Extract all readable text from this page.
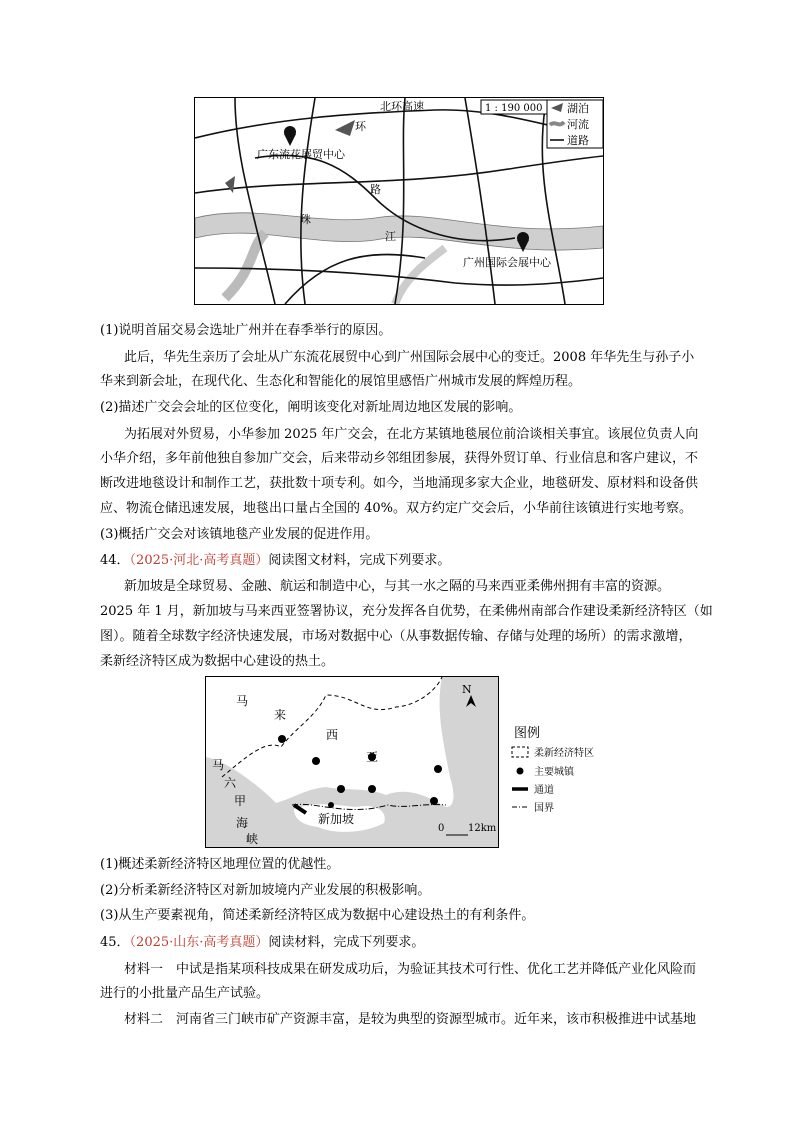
北环高速
广东流花展贸中心
环
路
珠
江
广州国际会展中心
1 : 190 000 湖泊
河流
道路
(1)说明首届交易会选址广州并在春季举行的原因。
此后，华先生亲历了会址从广东流花展贸中心到广州国际会展中心的变迁。2008 年华先生与孙子小
华来到新会址，在现代化、生态化和智能化的展馆里感悟广州城市发展的辉煌历程。
(2)描述广交会会址的区位变化，阐明该变化对新址周边地区发展的影响。
为拓展对外贸易，小华参加 2025 年广交会，在北方某镇地毯展位前洽谈相关事宜。该展位负责人向
小华介绍，多年前他独自参加广交会，后来带动乡邻组团参展，获得外贸订单、行业信息和客户建议，不
断改进地毯设计和制作工艺，获批数十项专利。如今，当地涌现多家大企业，地毯研发、原材料和设备供
应、物流仓储迅速发展，地毯出口量占全国的 40%。双方约定广交会后，小华前往该镇进行实地考察。
(3)概括广交会对该镇地毯产业发展的促进作用。
44．（2025·河北·高考真题）阅读图文材料，完成下列要求。
新加坡是全球贸易、金融、航运和制造中心，与其一水之隔的马来西亚柔佛州拥有丰富的资源。
2025 年 1 月，新加坡与马来西亚签署协议，充分发挥各自优势，在柔佛州南部合作建设柔新经济特区（如
图）。随着全球数字经济快速发展，市场对数据中心（从事数据传输、存储与处理的场所）的需求激增，
柔新经济特区成为数据中心建设的热土。
马
来
西
亚
马
六
甲
海
峡
新加坡
N
0 12km
图例
柔新经济特区
主要城镇
通道
国界
(1)概述柔新经济特区地理位置的优越性。
(2)分析柔新经济特区对新加坡境内产业发展的积极影响。
(3)从生产要素视角，简述柔新经济特区成为数据中心建设热土的有利条件。
45．（2025·山东·高考真题）阅读材料，完成下列要求。
材料一　中试是指某项科技成果在研发成功后，为验证其技术可行性、优化工艺并降低产业化风险而
进行的小批量产品生产试验。
材料二　河南省三门峡市矿产资源丰富，是较为典型的资源型城市。近年来，该市积极推进中试基地
